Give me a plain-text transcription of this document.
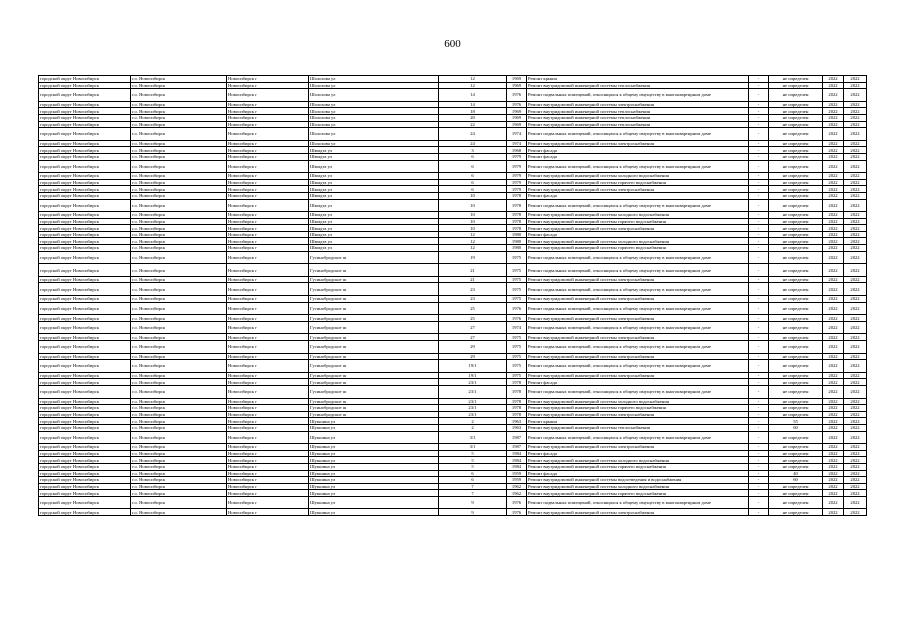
600
городской округ Новосибирск	г.о. Новосибирск	Новосибирск г	Шолохова ул	12	1969	Ремонт крыши	-	не определен	2022	2022
городской округ Новосибирск	г.о. Новосибирск	Новосибирск г	Шолохова ул	12	1969	Ремонт внутридомовой инженерной системы теплоснабжения	-	не определен	2022	2022
городской округ Новосибирск	г.о. Новосибирск	Новосибирск г	Шолохова ул	14	1976	Ремонт подвальных помещений, относящихся к общему имуществу в многоквартирном доме	-	не определен	2022	2022
городской округ Новосибирск	г.о. Новосибирск	Новосибирск г	Шолохова ул	14	1976	Ремонт внутридомовой инженерной системы электроснабжения	-	не определен	2022	2022
городской округ Новосибирск	г.о. Новосибирск	Новосибирск г	Шолохова ул	18	1969	Ремонт внутридомовой инженерной системы теплоснабжения	-	не определен	2022	2022
городской округ Новосибирск	г.о. Новосибирск	Новосибирск г	Шолохова ул	20	1969	Ремонт внутридомовой инженерной системы теплоснабжения	-	не определен	2022	2022
городской округ Новосибирск	г.о. Новосибирск	Новосибирск г	Шолохова ул	22	1969	Ремонт внутридомовой инженерной системы теплоснабжения	-	не определен	2022	2022
городской округ Новосибирск	г.о. Новосибирск	Новосибирск г	Шолохова ул	24	1974	Ремонт подвальных помещений, относящихся к общему имуществу в многоквартирном доме	-	не определен	2022	2022
городской округ Новосибирск	г.о. Новосибирск	Новосибирск г	Шолохова ул	24	1974	Ремонт внутридомовой инженерной системы электроснабжения	-	не определен	2022	2022
городской округ Новосибирск	г.о. Новосибирск	Новосибирск г	Шмидта ул	3	1968	Ремонт фасада	-	не определен	2022	2022
городской округ Новосибирск	г.о. Новосибирск	Новосибирск г	Шмидта ул	6	1979	Ремонт фасада	-	не определен	2022	2022
городской округ Новосибирск	г.о. Новосибирск	Новосибирск г	Шмидта ул	6	1979	Ремонт подвальных помещений, относящихся к общему имуществу в многоквартирном доме	-	не определен	2022	2022
городской округ Новосибирск	г.о. Новосибирск	Новосибирск г	Шмидта ул	6	1979	Ремонт внутридомовой инженерной системы холодного водоснабжения	-	не определен	2022	2022
городской округ Новосибирск	г.о. Новосибирск	Новосибирск г	Шмидта ул	6	1979	Ремонт внутридомовой инженерной системы горячего водоснабжения	-	не определен	2022	2022
городской округ Новосибирск	г.о. Новосибирск	Новосибирск г	Шмидта ул	6	1979	Ремонт внутридомовой инженерной системы электроснабжения	-	не определен	2022	2022
городской округ Новосибирск	г.о. Новосибирск	Новосибирск г	Шмидта ул	10	1978	Ремонт фасада	-	не определен	2022	2022
городской округ Новосибирск	г.о. Новосибирск	Новосибирск г	Шмидта ул	10	1978	Ремонт подвальных помещений, относящихся к общему имуществу в многоквартирном доме	-	не определен	2022	2022
городской округ Новосибирск	г.о. Новосибирск	Новосибирск г	Шмидта ул	10	1978	Ремонт внутридомовой инженерной системы холодного водоснабжения	-	не определен	2022	2022
городской округ Новосибирск	г.о. Новосибирск	Новосибирск г	Шмидта ул	10	1978	Ремонт внутридомовой инженерной системы горячего водоснабжения	-	не определен	2022	2022
городской округ Новосибирск	г.о. Новосибирск	Новосибирск г	Шмидта ул	10	1978	Ремонт внутридомовой инженерной системы электроснабжения	-	не определен	2022	2022
городской округ Новосибирск	г.о. Новосибирск	Новосибирск г	Шмидта ул	12	1980	Ремонт фасада	-	не определен	2022	2022
городской округ Новосибирск	г.о. Новосибирск	Новосибирск г	Шмидта ул	12	1980	Ремонт внутридомовой инженерной системы холодного водоснабжения	-	не определен	2022	2022
городской округ Новосибирск	г.о. Новосибирск	Новосибирск г	Шмидта ул	12	1980	Ремонт внутридомовой инженерной системы горячего водоснабжения	-	не определен	2022	2022
городской округ Новосибирск	г.о. Новосибирск	Новосибирск г	Гусинобродское ш	19	1975	Ремонт подвальных помещений, относящихся к общему имуществу в многоквартирном доме	-	не определен	2022	2022
городской округ Новосибирск	г.о. Новосибирск	Новосибирск г	Гусинобродское ш	21	1975	Ремонт подвальных помещений, относящихся к общему имуществу в многоквартирном доме	-	не определен	2022	2022
городской округ Новосибирск	г.о. Новосибирск	Новосибирск г	Гусинобродское ш	21	1975	Ремонт внутридомовой инженерной системы электроснабжения	-	не определен	2022	2022
городской округ Новосибирск	г.о. Новосибирск	Новосибирск г	Гусинобродское ш	23	1975	Ремонт подвальных помещений, относящихся к общему имуществу в многоквартирном доме	-	не определен	2022	2022
городской округ Новосибирск	г.о. Новосибирск	Новосибирск г	Гусинобродское ш	23	1975	Ремонт внутридомовой инженерной системы электроснабжения	-	не определен	2022	2022
городской округ Новосибирск	г.о. Новосибирск	Новосибирск г	Гусинобродское ш	25	1976	Ремонт подвальных помещений, относящихся к общему имуществу в многоквартирном доме	-	не определен	2022	2022
городской округ Новосибирск	г.о. Новосибирск	Новосибирск г	Гусинобродское ш	25	1976	Ремонт внутридомовой инженерной системы электроснабжения	-	не определен	2022	2022
городской округ Новосибирск	г.о. Новосибирск	Новосибирск г	Гусинобродское ш	27	1974	Ремонт подвальных помещений, относящихся к общему имуществу в многоквартирном доме	-	не определен	2022	2022
городской округ Новосибирск	г.о. Новосибирск	Новосибирск г	Гусинобродское ш	27	1975	Ремонт внутридомовой инженерной системы электроснабжения	-	не определен	2022	2022
городской округ Новосибирск	г.о. Новосибирск	Новосибирск г	Гусинобродское ш	29	1975	Ремонт подвальных помещений, относящихся к общему имуществу в многоквартирном доме	-	не определен	2022	2022
городской округ Новосибирск	г.о. Новосибирск	Новосибирск г	Гусинобродское ш	29	1975	Ремонт внутридомовой инженерной системы электроснабжения	-	не определен	2022	2022
городской округ Новосибирск	г.о. Новосибирск	Новосибирск г	Гусинобродское ш	19/1	1975	Ремонт подвальных помещений, относящихся к общему имуществу в многоквартирном доме	-	не определен	2022	2022
городской округ Новосибирск	г.о. Новосибирск	Новосибирск г	Гусинобродское ш	19/1	1975	Ремонт внутридомовой инженерной системы электроснабжения	-	не определен	2022	2022
городской округ Новосибирск	г.о. Новосибирск	Новосибирск г	Гусинобродское ш	23/1	1978	Ремонт фасада	-	не определен	2022	2022
городской округ Новосибирск	г.о. Новосибирск	Новосибирск г	Гусинобродское ш	23/1	1978	Ремонт подвальных помещений, относящихся к общему имуществу в многоквартирном доме	-	не определен	2022	2022
городской округ Новосибирск	г.о. Новосибирск	Новосибирск г	Гусинобродское ш	23/1	1978	Ремонт внутридомовой инженерной системы холодного водоснабжения	-	не определен	2022	2022
городской округ Новосибирск	г.о. Новосибирск	Новосибирск г	Гусинобродское ш	23/1	1978	Ремонт внутридомовой инженерной системы горячего водоснабжения	-	не определен	2022	2022
городской округ Новосибирск	г.о. Новосибирск	Новосибирск г	Гусинобродское ш	23/1	1978	Ремонт внутридомовой инженерной системы электроснабжения	-	не определен	2022	2022
городской округ Новосибирск	г.о. Новосибирск	Новосибирск г	Шукшина ул	2	1963	Ремонт крыши	-	55	2022	2022
городской округ Новосибирск	г.о. Новосибирск	Новосибирск г	Шукшина ул	2	1963	Ремонт внутридомовой инженерной системы теплоснабжения	-	60	2022	2022
городской округ Новосибирск	г.о. Новосибирск	Новосибирск г	Шукшина ул	3/1	1987	Ремонт подвальных помещений, относящихся к общему имуществу в многоквартирном доме	-	не определен	2022	2022
городской округ Новосибирск	г.о. Новосибирск	Новосибирск г	Шукшина ул	3/1	1987	Ремонт внутридомовой инженерной системы электроснабжения	-	не определен	2022	2022
городской округ Новосибирск	г.о. Новосибирск	Новосибирск г	Шукшина ул	5	1984	Ремонт фасада	-	не определен	2022	2022
городской округ Новосибирск	г.о. Новосибирск	Новосибирск г	Шукшина ул	5	1984	Ремонт внутридомовой инженерной системы холодного водоснабжения	-	не определен	2022	2022
городской округ Новосибирск	г.о. Новосибирск	Новосибирск г	Шукшина ул	5	1984	Ремонт внутридомовой инженерной системы горячего водоснабжения	-	не определен	2022	2022
городской округ Новосибирск	г.о. Новосибирск	Новосибирск г	Шукшина ул	6	1959	Ремонт фасада	-	40	2022	2022
городской округ Новосибирск	г.о. Новосибирск	Новосибирск г	Шукшина ул	6	1959	Ремонт внутридомовой инженерной системы водоотведения и водоснабжения	-	60	2022	2022
городской округ Новосибирск	г.о. Новосибирск	Новосибирск г	Шукшина ул	7	1962	Ремонт внутридомовой инженерной системы холодного водоснабжения	-	не определен	2022	2022
городской округ Новосибирск	г.о. Новосибирск	Новосибирск г	Шукшина ул	7	1962	Ремонт внутридомовой инженерной системы горячего водоснабжения	-	не определен	2022	2022
городской округ Новосибирск	г.о. Новосибирск	Новосибирск г	Шукшина ул	9	1976	Ремонт подвальных помещений, относящихся к общему имуществу в многоквартирном доме	-	не определен	2022	2022
городской округ Новосибирск	г.о. Новосибирск	Новосибирск г	Шукшина ул	9	1976	Ремонт внутридомовой инженерной системы электроснабжения	-	не определен	2022	2022
